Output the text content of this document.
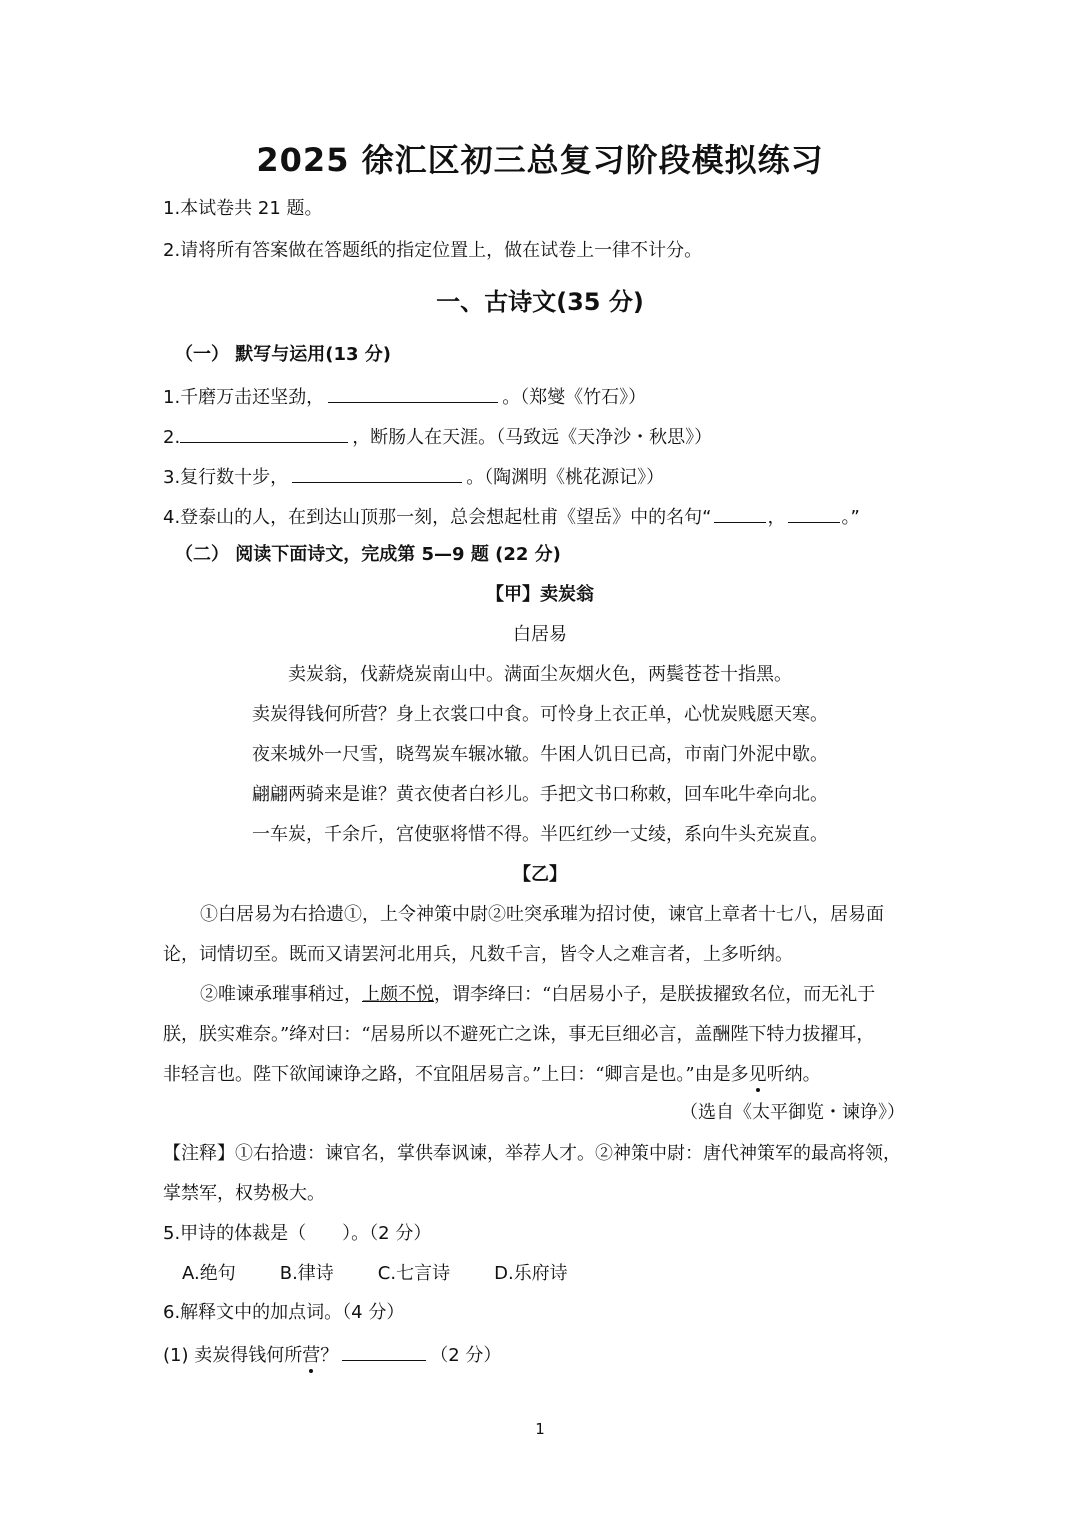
2025 徐汇区初三总复习阶段模拟练习
1.本试卷共 21 题。
2.请将所有答案做在答题纸的指定位置上，做在试卷上一律不计分。
一、古诗文(35 分)
（一） 默写与运用(13 分)
1.千磨万击还坚劲，	。（郑燮《竹石》）
2.	，断肠人在天涯。（马致远《天净沙・秋思》）
3.复行数十步，	。（陶渊明《桃花源记》）
4.登泰山的人，在到达山顶那一刻，总会想起杜甫《望岳》中的名句“	，	。”
（二） 阅读下面诗文，完成第 5—9 题 (22 分)
【甲】卖炭翁
白居易
卖炭翁，伐薪烧炭南山中。满面尘灰烟火色，两鬓苍苍十指黑。
卖炭得钱何所营？身上衣裳口中食。可怜身上衣正单，心忧炭贱愿天寒。
夜来城外一尺雪，晓驾炭车辗冰辙。牛困人饥日已高，市南门外泥中歇。
翩翩两骑来是谁？黄衣使者白衫儿。手把文书口称敕，回车叱牛牵向北。
一车炭，千余斤，宫使驱将惜不得。半匹红纱一丈绫，系向牛头充炭直。
【乙】
①白居易为右拾遗①，上令神策中尉②吐突承璀为招讨使，谏官上章者十七八，居易面
论，词情切至。既而又请罢河北用兵，凡数千言，皆令人之难言者，上多听纳。
②唯谏承璀事稍过，上颇不悦，谓李绛曰：“白居易小子，是朕拔擢致名位，而无礼于
朕，朕实难奈。”绛对曰：“居易所以不避死亡之诛，事无巨细必言，盖酬陛下特力拔擢耳，
非轻言也。陛下欲闻谏诤之路，不宜阻居易言。”上曰：“卿言是也。”由是多见听纳。
（选自《太平御览・谏诤》）
【注释】①右拾遗：谏官名，掌供奉讽谏，举荐人才。②神策中尉：唐代神策军的最高将领，
掌禁军，权势极大。
5.甲诗的体裁是（　　）。（2 分）
A.绝句 B.律诗 C.七言诗 D.乐府诗
6.解释文中的加点词。（4 分）
(1) 卖炭得钱何所营？	（2 分）
1
